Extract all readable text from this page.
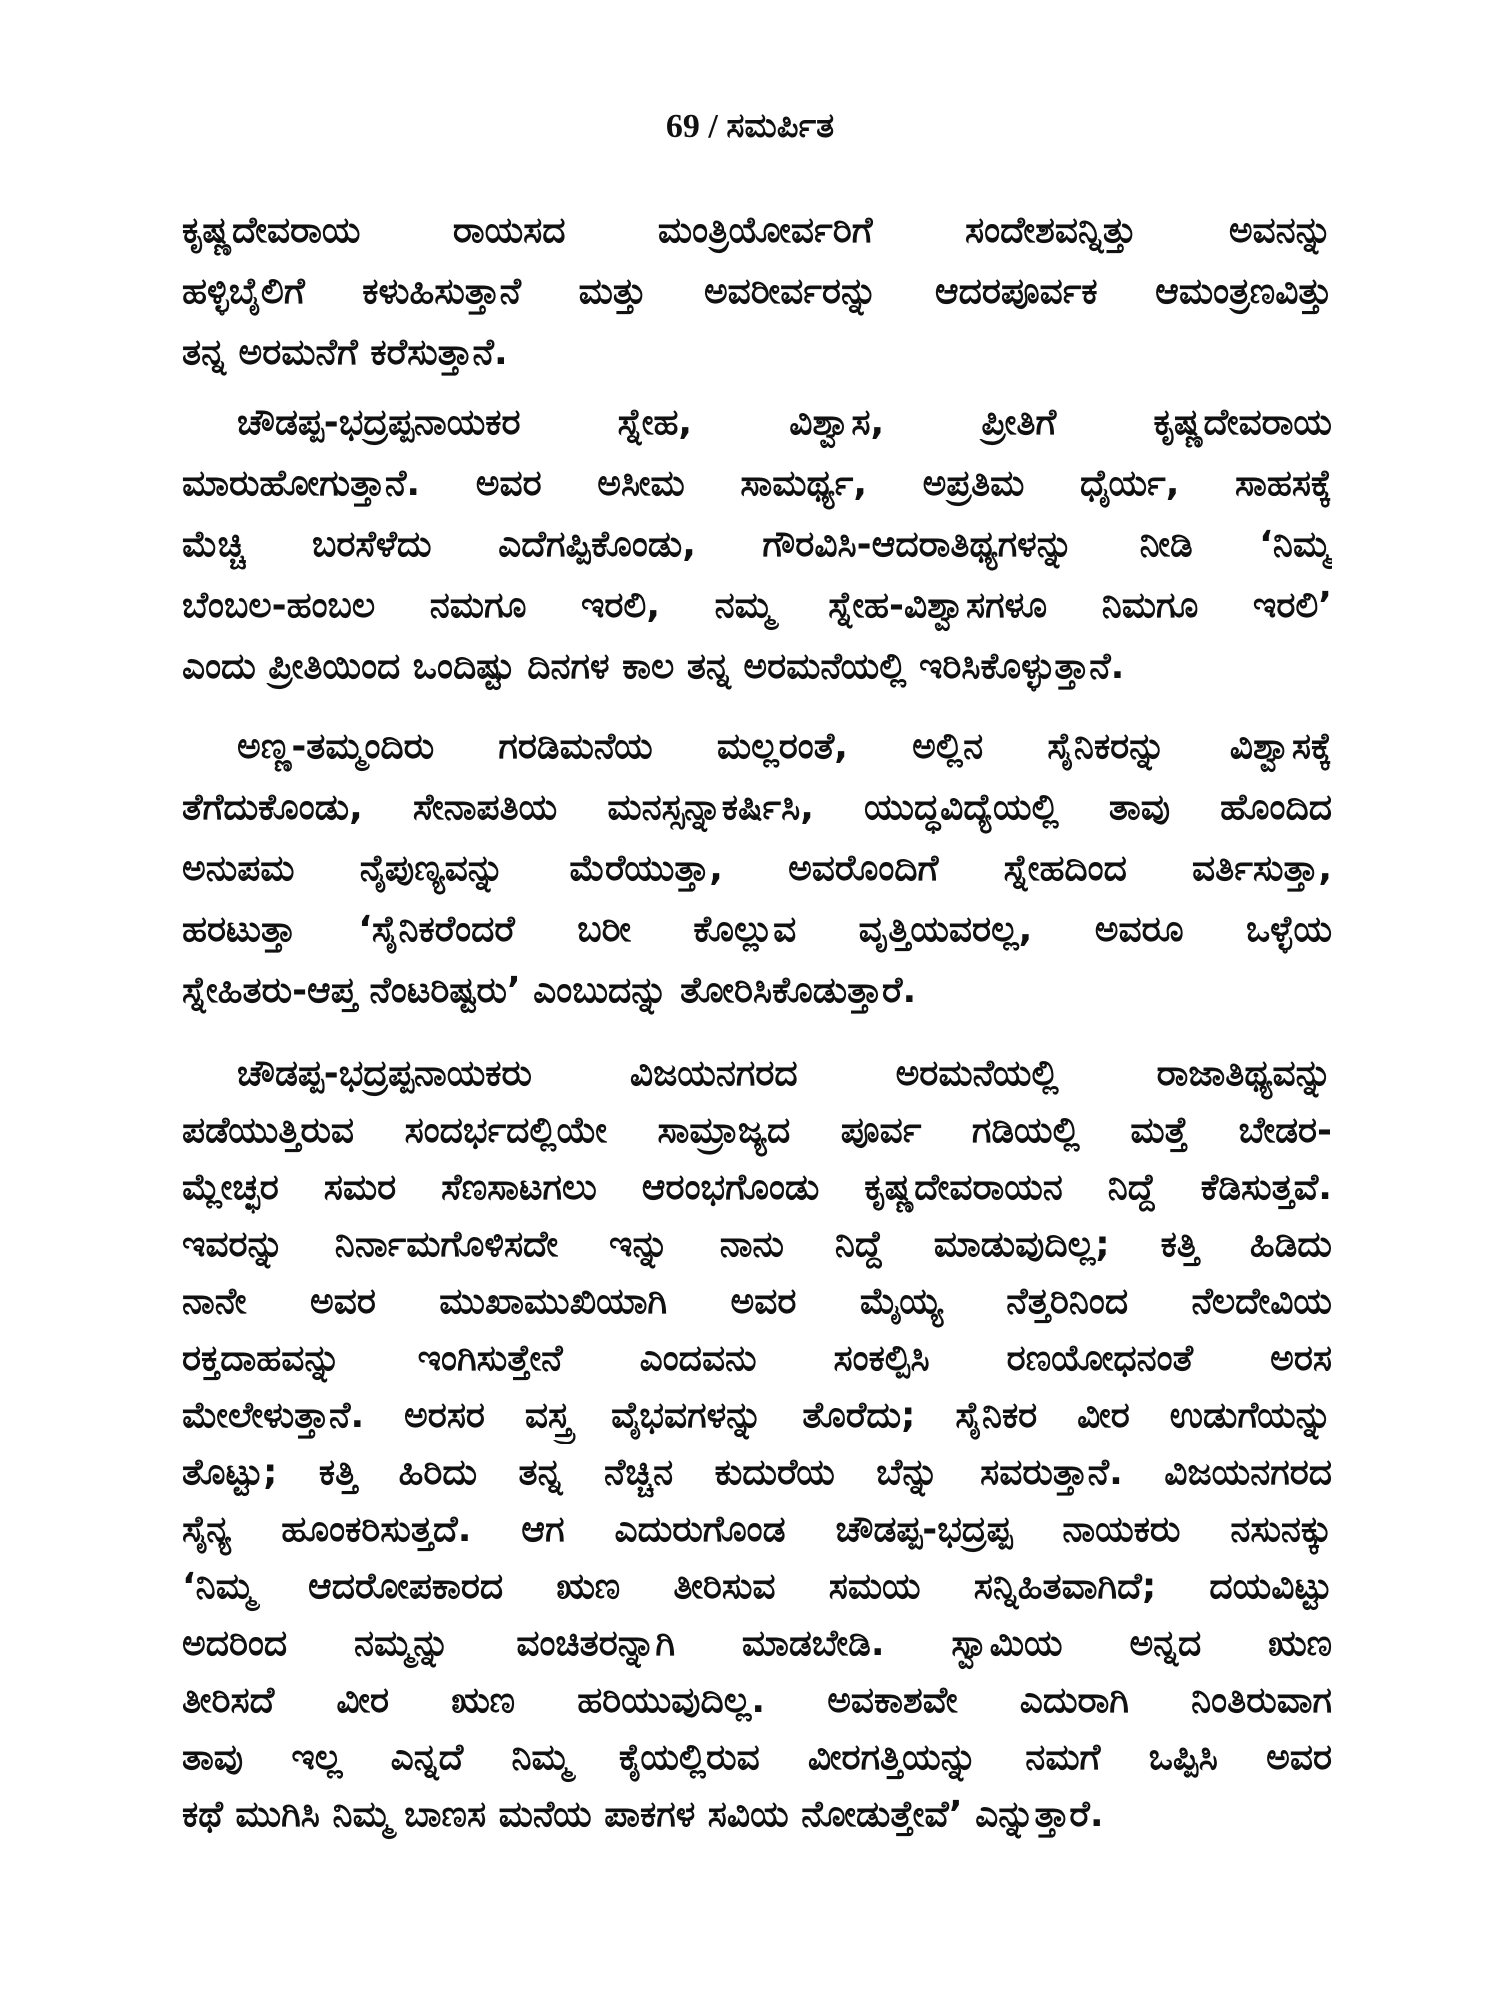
69 / ಸಮರ್ಪಿತ
ಕೃಷ್ಣದೇವರಾಯ ರಾಯಸದ ಮಂತ್ರಿಯೋರ್ವರಿಗೆ ಸಂದೇಶವನ್ನಿತ್ತು ಅವನನ್ನು
ಹಳ್ಳಿಬೈಲಿಗೆ ಕಳುಹಿಸುತ್ತಾನೆ ಮತ್ತು ಅವರೀರ್ವರನ್ನು ಆದರಪೂರ್ವಕ ಆಮಂತ್ರಣವಿತ್ತು
ತನ್ನ ಅರಮನೆಗೆ ಕರೆಸುತ್ತಾನೆ.
ಚೌಡಪ್ಪ-ಭದ್ರಪ್ಪನಾಯಕರ ಸ್ನೇಹ, ವಿಶ್ವಾಸ, ಪ್ರೀತಿಗೆ ಕೃಷ್ಣದೇವರಾಯ
ಮಾರುಹೋಗುತ್ತಾನೆ. ಅವರ ಅಸೀಮ ಸಾಮರ್ಥ್ಯ, ಅಪ್ರತಿಮ ಧೈರ್ಯ, ಸಾಹಸಕ್ಕೆ
ಮೆಚ್ಚಿ ಬರಸೆಳೆದು ಎದೆಗಪ್ಪಿಕೊಂಡು, ಗೌರವಿಸಿ-ಆದರಾತಿಥ್ಯಗಳನ್ನು ನೀಡಿ ‘ನಿಮ್ಮ
ಬೆಂಬಲ-ಹಂಬಲ ನಮಗೂ ಇರಲಿ, ನಮ್ಮ ಸ್ನೇಹ-ವಿಶ್ವಾಸಗಳೂ ನಿಮಗೂ ಇರಲಿ’
ಎಂದು ಪ್ರೀತಿಯಿಂದ ಒಂದಿಷ್ಟು ದಿನಗಳ ಕಾಲ ತನ್ನ ಅರಮನೆಯಲ್ಲಿ ಇರಿಸಿಕೊಳ್ಳುತ್ತಾನೆ.
ಅಣ್ಣ-ತಮ್ಮಂದಿರು ಗರಡಿಮನೆಯ ಮಲ್ಲರಂತೆ, ಅಲ್ಲಿನ ಸೈನಿಕರನ್ನು ವಿಶ್ವಾಸಕ್ಕೆ
ತೆಗೆದುಕೊಂಡು, ಸೇನಾಪತಿಯ ಮನಸ್ಸನ್ನಾಕರ್ಷಿಸಿ, ಯುದ್ಧವಿದ್ಯೆಯಲ್ಲಿ ತಾವು ಹೊಂದಿದ
ಅನುಪಮ ನೈಪುಣ್ಯವನ್ನು ಮೆರೆಯುತ್ತಾ, ಅವರೊಂದಿಗೆ ಸ್ನೇಹದಿಂದ ವರ್ತಿಸುತ್ತಾ,
ಹರಟುತ್ತಾ ‘ಸೈನಿಕರೆಂದರೆ ಬರೀ ಕೊಲ್ಲುವ ವೃತ್ತಿಯವರಲ್ಲ, ಅವರೂ ಒಳ್ಳೆಯ
ಸ್ನೇಹಿತರು-ಆಪ್ತ ನೆಂಟರಿಷ್ಟರು’ ಎಂಬುದನ್ನು ತೋರಿಸಿಕೊಡುತ್ತಾರೆ.
ಚೌಡಪ್ಪ-ಭದ್ರಪ್ಪನಾಯಕರು ವಿಜಯನಗರದ ಅರಮನೆಯಲ್ಲಿ ರಾಜಾತಿಥ್ಯವನ್ನು
ಪಡೆಯುತ್ತಿರುವ ಸಂದರ್ಭದಲ್ಲಿಯೇ ಸಾಮ್ರಾಜ್ಯದ ಪೂರ್ವ ಗಡಿಯಲ್ಲಿ ಮತ್ತೆ ಬೇಡರ-
ಮ್ಲೇಚ್ಛರ ಸಮರ ಸೆಣಸಾಟಗಲು ಆರಂಭಗೊಂಡು ಕೃಷ್ಣದೇವರಾಯನ ನಿದ್ದೆ ಕೆಡಿಸುತ್ತವೆ.
ಇವರನ್ನು ನಿರ್ನಾಮಗೊಳಿಸದೇ ಇನ್ನು ನಾನು ನಿದ್ದೆ ಮಾಡುವುದಿಲ್ಲ; ಕತ್ತಿ ಹಿಡಿದು
ನಾನೇ ಅವರ ಮುಖಾಮುಖಿಯಾಗಿ ಅವರ ಮೈಯ್ಯ ನೆತ್ತರಿನಿಂದ ನೆಲದೇವಿಯ
ರಕ್ತದಾಹವನ್ನು ಇಂಗಿಸುತ್ತೇನೆ ಎಂದವನು ಸಂಕಲ್ಪಿಸಿ ರಣಯೋಧನಂತೆ ಅರಸ
ಮೇಲೇಳುತ್ತಾನೆ. ಅರಸರ ವಸ್ತ್ರ ವೈಭವಗಳನ್ನು ತೊರೆದು; ಸೈನಿಕರ ವೀರ ಉಡುಗೆಯನ್ನು
ತೊಟ್ಟು; ಕತ್ತಿ ಹಿರಿದು ತನ್ನ ನೆಚ್ಚಿನ ಕುದುರೆಯ ಬೆನ್ನು ಸವರುತ್ತಾನೆ. ವಿಜಯನಗರದ
ಸೈನ್ಯ ಹೂಂಕರಿಸುತ್ತದೆ. ಆಗ ಎದುರುಗೊಂಡ ಚೌಡಪ್ಪ-ಭದ್ರಪ್ಪ ನಾಯಕರು ನಸುನಕ್ಕು
‘ನಿಮ್ಮ ಆದರೋಪಕಾರದ ಋಣ ತೀರಿಸುವ ಸಮಯ ಸನ್ನಿಹಿತವಾಗಿದೆ; ದಯವಿಟ್ಟು
ಅದರಿಂದ ನಮ್ಮನ್ನು ವಂಚಿತರನ್ನಾಗಿ ಮಾಡಬೇಡಿ. ಸ್ವಾಮಿಯ ಅನ್ನದ ಋಣ
ತೀರಿಸದೆ ವೀರ ಋಣ ಹರಿಯುವುದಿಲ್ಲ. ಅವಕಾಶವೇ ಎದುರಾಗಿ ನಿಂತಿರುವಾಗ
ತಾವು ಇಲ್ಲ ಎನ್ನದೆ ನಿಮ್ಮ ಕೈಯಲ್ಲಿರುವ ವೀರಗತ್ತಿಯನ್ನು ನಮಗೆ ಒಪ್ಪಿಸಿ ಅವರ
ಕಥೆ ಮುಗಿಸಿ ನಿಮ್ಮ ಬಾಣಸ ಮನೆಯ ಪಾಕಗಳ ಸವಿಯ ನೋಡುತ್ತೇವೆ’ ಎನ್ನುತ್ತಾರೆ.
